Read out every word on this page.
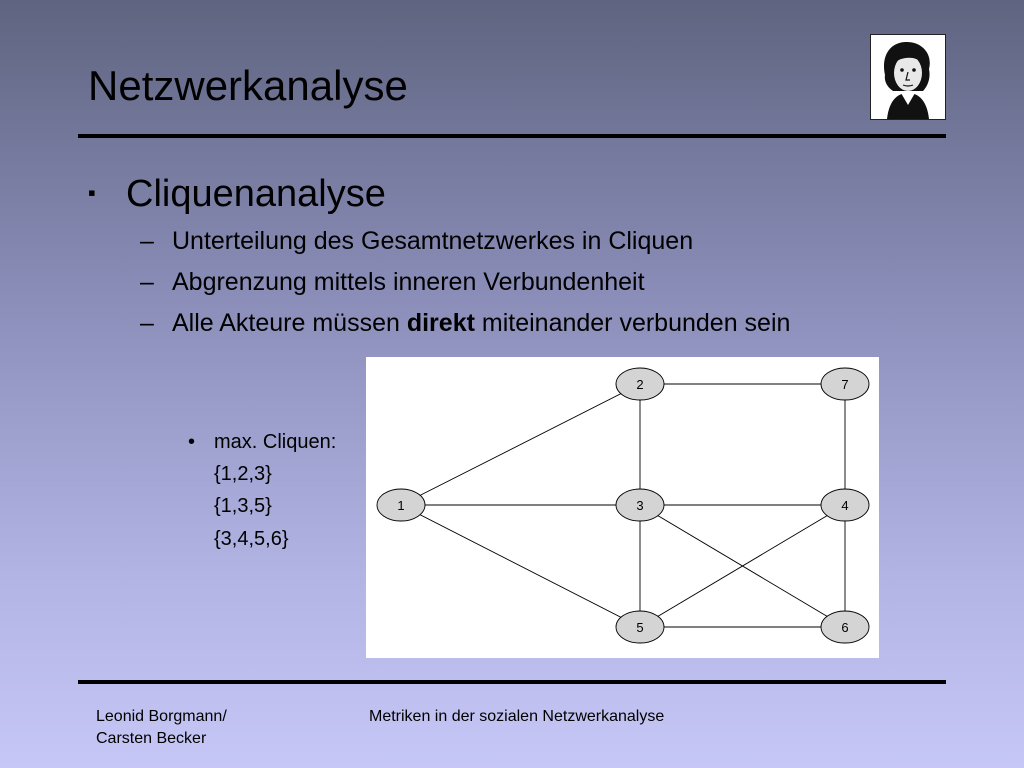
Netzwerkanalyse
▪ Cliquenanalyse
– Unterteilung des Gesamtnetzwerkes in Cliquen
– Abgrenzung mittels inneren Verbundenheit
– Alle Akteure müssen direkt miteinander verbunden sein
• max. Cliquen:
{1,2,3}
{1,3,5}
{3,4,5,6}
1
2
3	4
5	6
7
Leonid Borgmann/
Carsten Becker
Metriken in der sozialen Netzwerkanalyse
